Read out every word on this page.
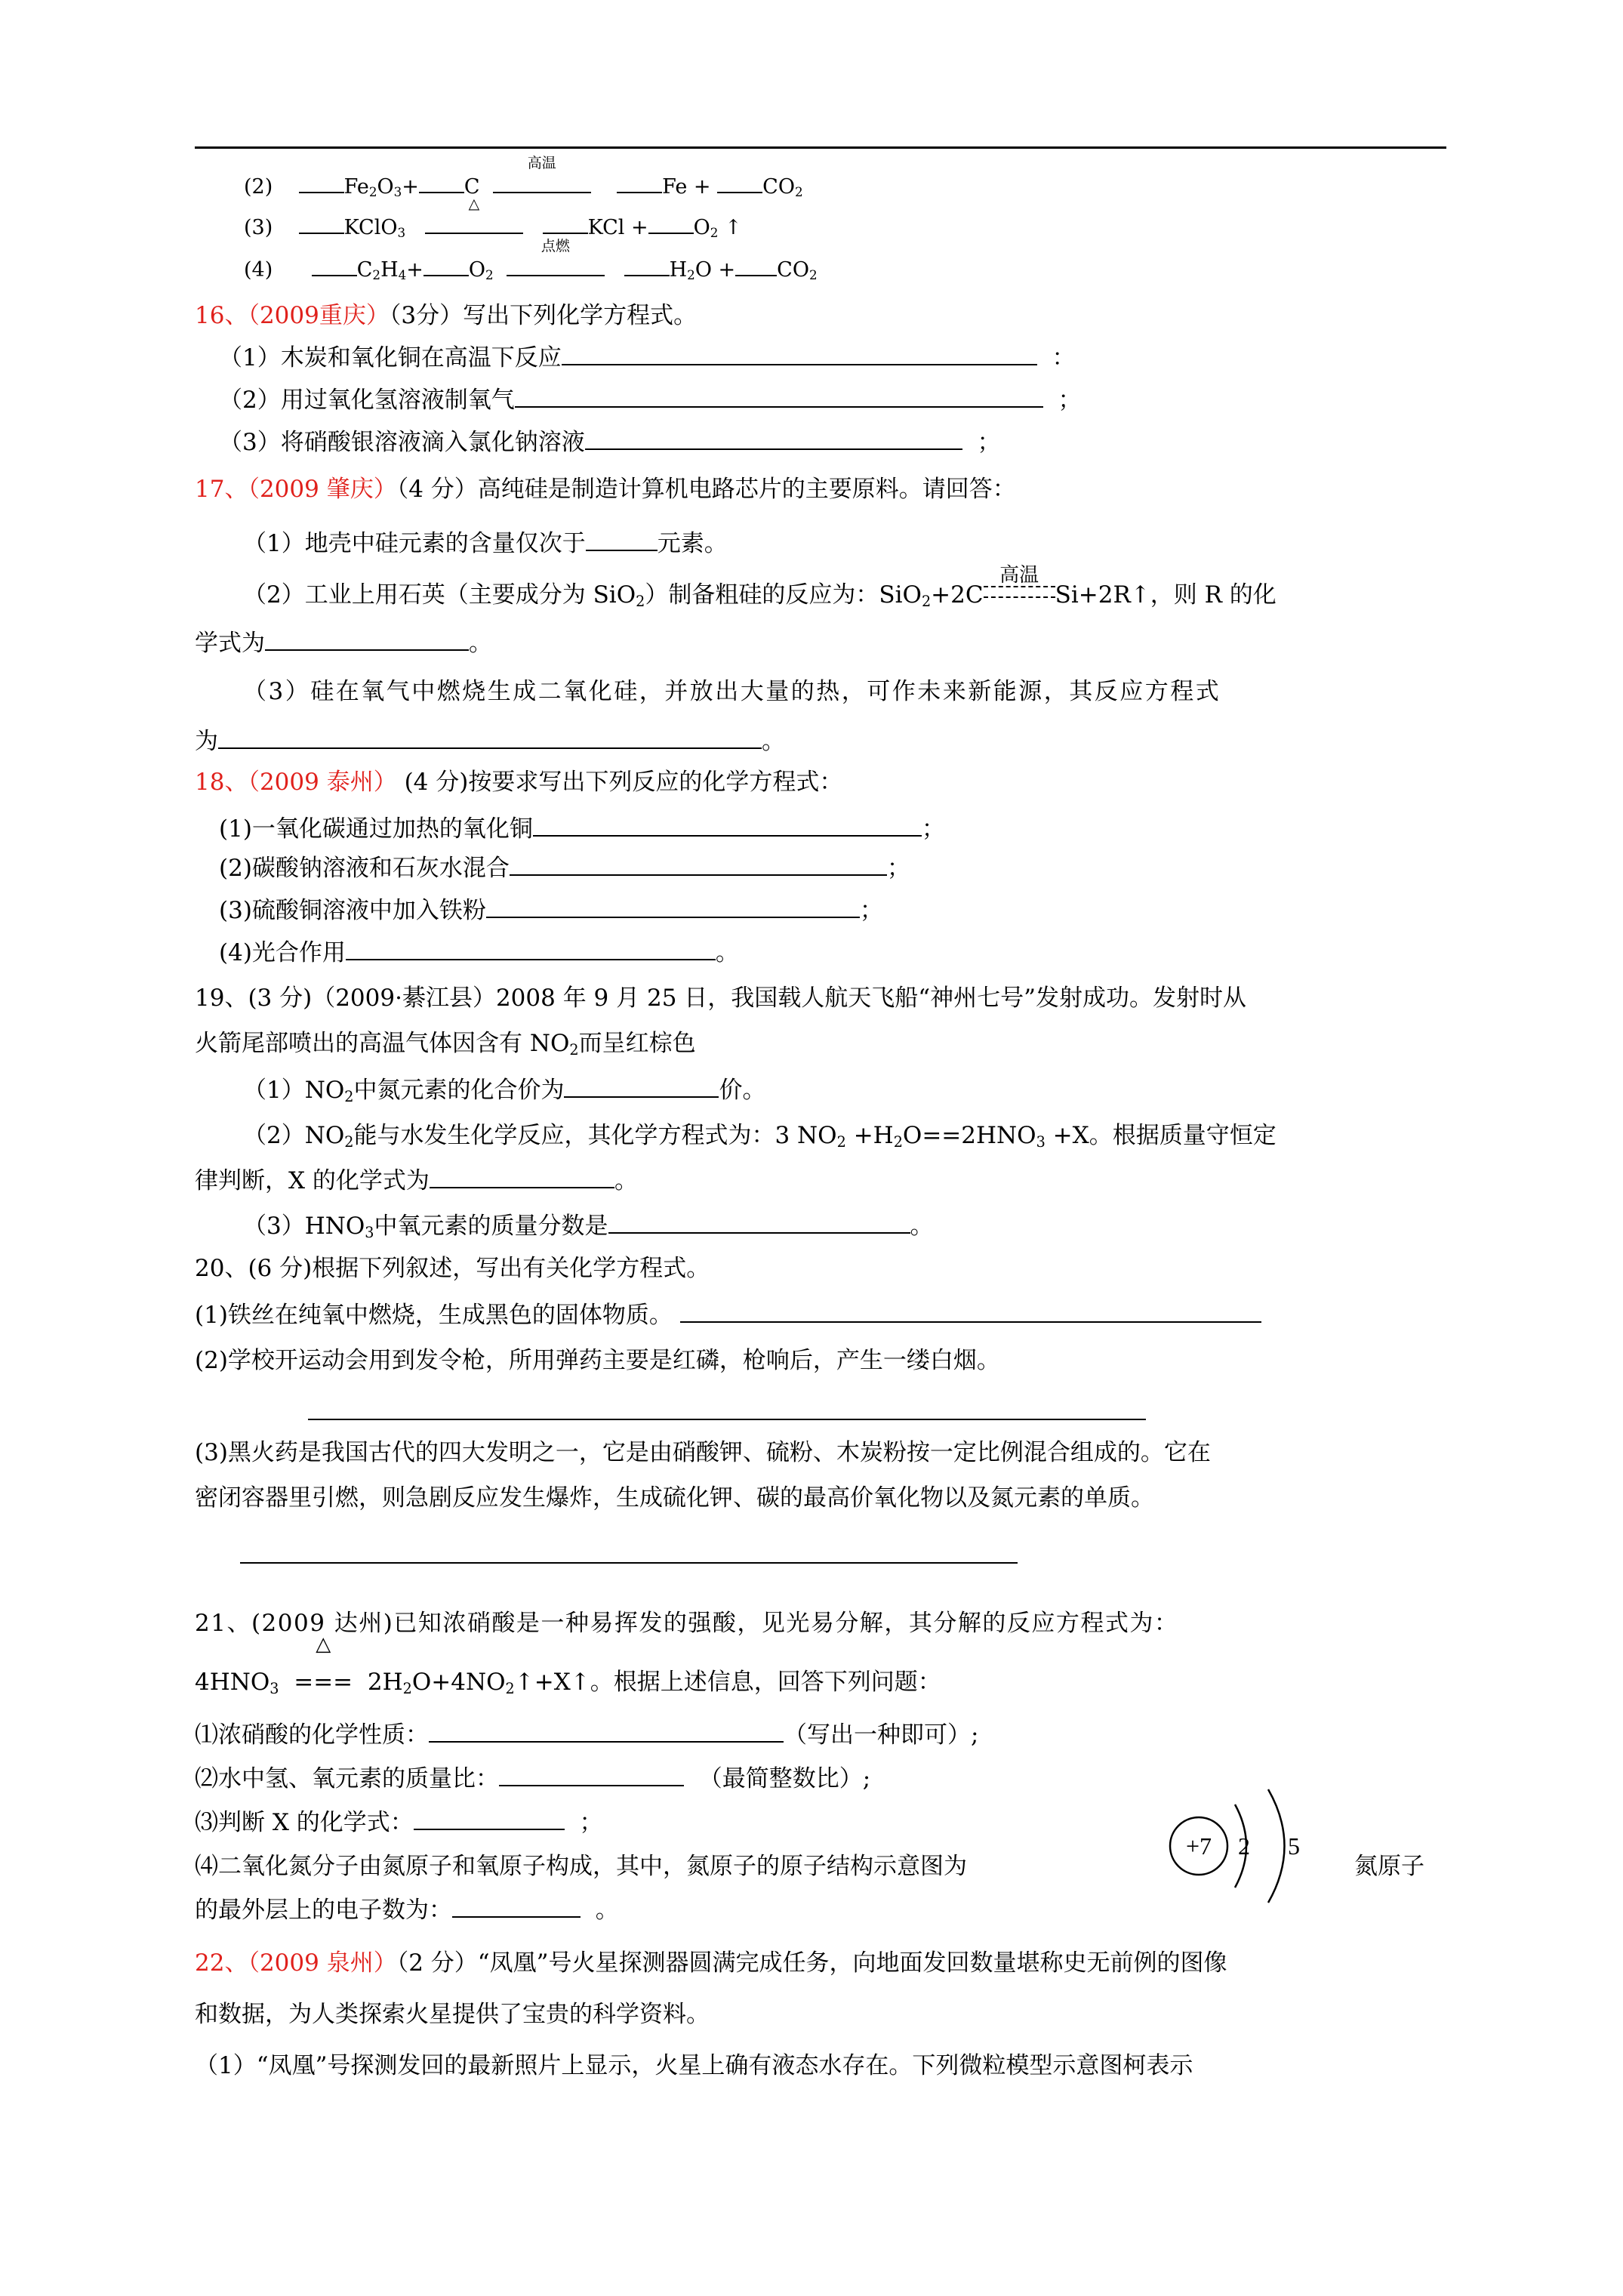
(2)	$Fe_2O_3+ C$
高温
Fe +	$CO_2$
(3)	KClO$_3$
△
KCl + $O_2$ ↑
(4)	$C_2H_4+ O_2$
点燃
$H_2O + CO_2$
16、（2009重庆）（3分）写出下列化学方程式。
（1）木炭和氧化铜在高温下反应	：
（2）用过氧化氢溶液制氧气	；
（3）将硝酸银溶液滴入氯化钠溶液	；
17、（2009 肇庆）（4 分）高纯硅是制造计算机电路芯片的主要原料。请回答：
（1）地壳中硅元素的含量仅次于	元素。
（2）工业上用石英（主要成分为 SiO$_2$）制备粗硅的反应为：SiO$_2$+2C
高温
Si+2R↑，则 R 的化
学式为	。
（3）硅在氧气中燃烧生成二氧化硅，并放出大量的热，可作未来新能源，其反应方程式
为	。
18、（2009 泰州） (4 分)按要求写出下列反应的化学方程式：
(1)一氧化碳通过加热的氧化铜	；
(2)碳酸钠溶液和石灰水混合	；
(3)硫酸铜溶液中加入铁粉	；
(4)光合作用	。
19、(3 分)（2009·綦江县）2008 年 9 月 25 日，我国载人航天飞船“神州七号”发射成功。发射时从
火箭尾部喷出的高温气体因含有 $NO_2$而呈红棕色
$(1)NO_2$中氮元素的化合价为	价。
$(2)NO_2$能与水发生化学反应，其化学方程式为：3 $NO_2 +H_2O==2HNO_3 +X$。根据质量守恒定
律判断，X 的化学式为	。
$(3)HNO_3$中氧元素的质量分数是	。
20、(6 分)根据下列叙述，写出有关化学方程式。
(1)铁丝在纯氧中燃烧，生成黑色的固体物质。
(2)学校开运动会用到发令枪，所用弹药主要是红磷，枪响后，产生一缕白烟。
(3)黑火药是我国古代的四大发明之一，它是由硝酸钾、硫粉、木炭粉按一定比例混合组成的。它在
密闭容器里引燃，则急剧反应发生爆炸，生成硫化钾、碳的最高价氧化物以及氮元素的单质。
21、(2009 达州)已知浓硝酸是一种易挥发的强酸，见光易分解，其分解的反应方程式为：
$4HNO_3$
△
=== $2H_2O+4NO_2↑+X↑$。根据上述信息，回答下列问题：
⑴浓硝酸的化学性质：	（写出一种即可）;
⑵水中氢、氧元素的质量比：	（最简整数比）;
⑶判断 X 的化学式：	；
⑷二氧化氮分子由氮原子和氧原子构成，其中，氮原子的原子结构示意图为	氮原子
的最外层上的电子数为：	。
+7 2 5
22、（2009 泉州）（2 分）“凤凰”号火星探测器圆满完成任务，向地面发回数量堪称史无前例的图像
和数据，为人类探索火星提供了宝贵的科学资料。
（1）“凤凰”号探测发回的最新照片上显示，火星上确有液态水存在。下列微粒模型示意图柯表示
